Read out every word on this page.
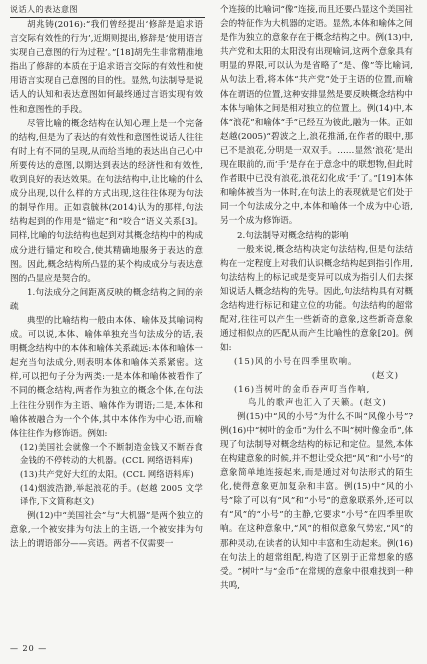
说话人的表达意图

胡兆铸(2016):“我们曾经提出‘修辞是追求语言交际有效性的行为’,近期则提出,修辞是‘使用语言实现自己意图的行为过程’。”[18]胡先生非常精准地指出了修辞的本质在于追求语言交际的有效性和使用语言实现自己意图的目的性。显然,句法制导是说话人的认知和表达意图如何最终通过言语实现有效性和意图性的手段。

尽管比喻的概念结构在认知心理上是一个完备的结构,但是为了表达的有效性和意图性说话人往往有时上有不同的呈现,从而给当地的表达出自己心中所要传达的意图,以期达到表达的经济性和有效性,收到良好的表达效果。在句法结构中,让比喻的什么成分出现,以什么样的方式出现,这往往体现为句法的制导作用。正如袁毓林(2014)认为的那样,句法结构起到的作用是“锚定”和“咬合”语义关系[3]。同样,比喻的句法结构也起到对其概念结构中的构成成分进行锚定和咬合,使其精确地服务于表达的意图。因此,概念结构所凸显的某个构成成分与表达意图的凸显应是契合的。

1.句法成分之间距离反映的概念结构之间的亲疏

典型的比喻结构一般由本体、喻体及其喻词构成。可以说,本体、喻体单独充当句法成分的话,表明概念结构中的本体和喻体关系疏远:本体和喻体一起充当句法成分,则表明本体和喻体关系紧密。这样,可以把句子分为两类:一是本体和喻体被看作了不同的概念结构,两者作为独立的概念个体,在句法上往往分别作为主语、喻体作为谓语;二是,本体和喻体被融合为一个个体,其中本体作为中心语,而喻体往往作为修饰语。例如:

(12)美国社会就像一个不断制造金钱又不断吞食金钱的不停转动的大机器。(CCL 网络语料库)

(13)共产党好大红的太阳。(CCL 网络语料库)

(14)烟波浩渺,举起浪花的手。(赵越 2005 文学译作,下文简称赵文)

例(12)中“美国社会”与“大机器”是两个独立的意象,一个被安排为句法上的主语,一个被安排为句法上的谓语部分——宾语。两者不仅需要一

个连接的比喻词“像”连接,而且还要凸显这个美国社会的特征作为大机器的定语。显然,本体和喻体之间是作为独立的意象存在于概念结构之中。例(13)中,共产党和太阳的太阳没有出现喻词,这两个意象具有明显的界限,可以认为是省略了“是、像”等比喻词,从句法上看,将本体“共产党”处于主语的位置,而喻体在谓语的位置,这种安排显然是要反映概念结构中本体与喻体之间是相对独立的位置上。例(14)中,本体“浪花”和喻体“手”已经互为彼此,融为一体。正如赵越(2005)“碧波之上,浪花推涌,在作者的眼中,那已不是浪花,分明是一双双手。……显然‘浪花’是出现在眼前的,而‘手’是存在于意念中的联想物,但此时作者眼中已没有浪花,浪花幻化成‘手’了。”[19]本体和喻体被当为一体时,在句法上的表现就是它们处于同一个句法成分之中,本体和喻体一个成为中心语,另一个成为修饰语。

2.句法制导对概念结构的影响

一般来说,概念结构决定句法结构,但是句法结构在一定程度上对我们认识概念结构起到指引作用,句法结构上的标记或是变异可以成为指引人们去探知说话人概念结构的先导。因此,句法结构具有对概念结构进行标记和建立位的功能。句法结构的超常配对,往往可以产生一些新奇的意象,这些新奇意象通过相似点的匹配从而产生比喻性的意象[20]。例如:

(15)风的小号在四季里吹响。

(赵文)

(16)当树叶的金币吞声叮当作响,

鸟儿的歌声也汇入了天籁。(赵文)

例(15)中“风的小号”为什么不叫“风像小号”?例(16)中“树叶的金币”为什么不叫“树叶像金币”,体现了句法制导对概念结构的标记和定位。显然,本体在构建意象的时候,并不想让受众把“风”和“小号”的意象简单地连接起来,而是通过对句法形式的陌生化,使得意象更加复杂和丰富。例(15)中“风的小号”除了可以有“风”和“小号”的意象联系外,还可以有“风”的“小号”的主静,它要求“小号”在四季里吹响。在这种意象中,“风”的相似意象气势宏,“风”的那种灵动,在读者的认知中丰富和生动起来。例(16)在句法上的超常组配,构造了区别于正常想象的感受。“树叶”与“金币”在常规的意象中很难找到一种共鸣,

— 20 —
